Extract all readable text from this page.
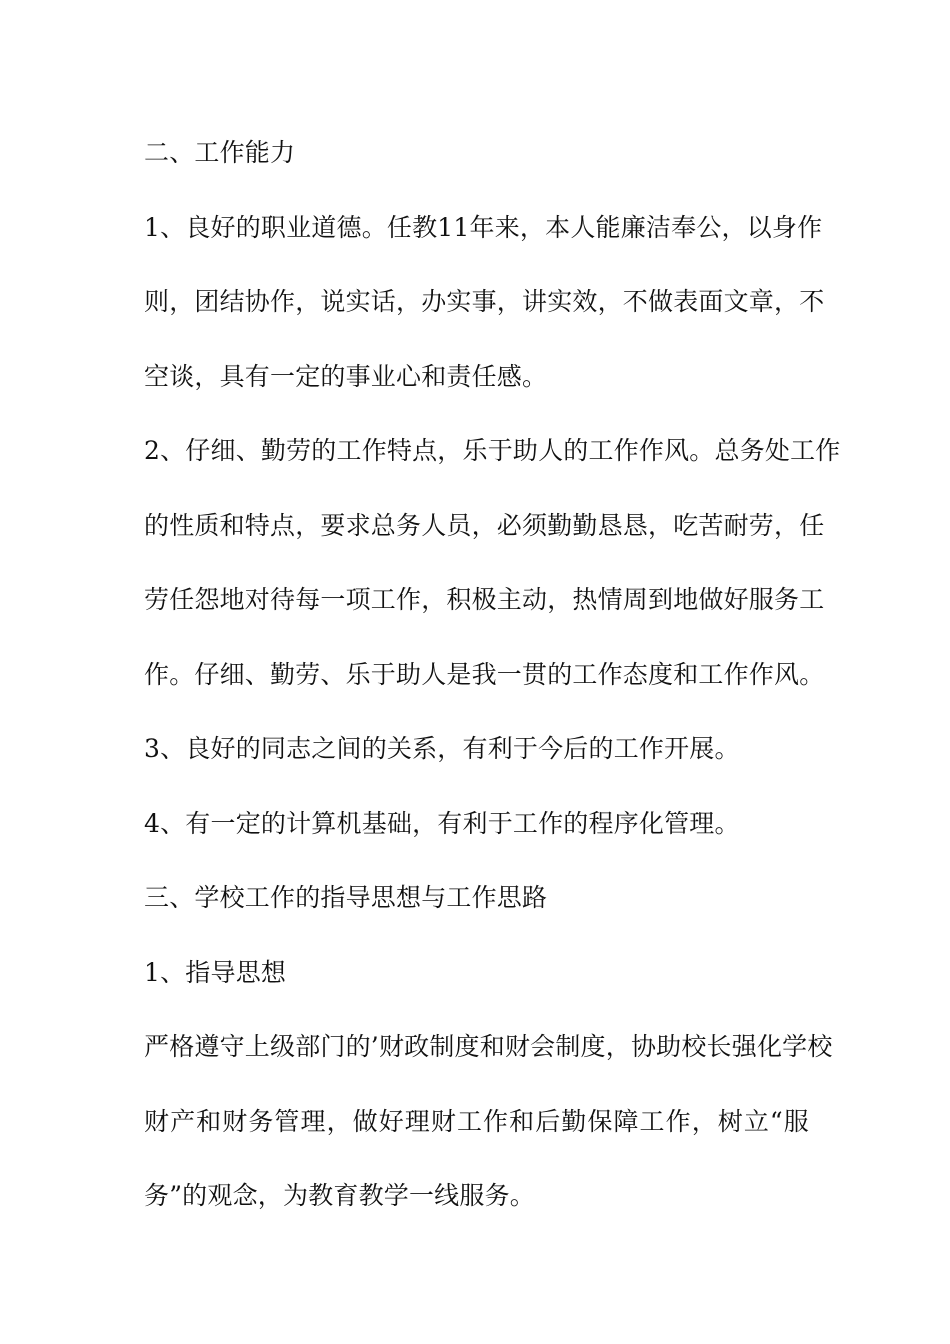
二、工作能力
1、良好的职业道德。任教11年来，本人能廉洁奉公，以身作
则，团结协作，说实话，办实事，讲实效，不做表面文章，不
空谈，具有一定的事业心和责任感。
2、仔细、勤劳的工作特点，乐于助人的工作作风。总务处工作
的性质和特点，要求总务人员，必须勤勤恳恳，吃苦耐劳，任
劳任怨地对待每一项工作，积极主动，热情周到地做好服务工
作。仔细、勤劳、乐于助人是我一贯的工作态度和工作作风。
3、良好的同志之间的关系，有利于今后的工作开展。
4、有一定的计算机基础，有利于工作的程序化管理。
三、学校工作的指导思想与工作思路
1、指导思想
严格遵守上级部门的’财政制度和财会制度，协助校长强化学校
财产和财务管理，做好理财工作和后勤保障工作，树立“服
务”的观念，为教育教学一线服务。
